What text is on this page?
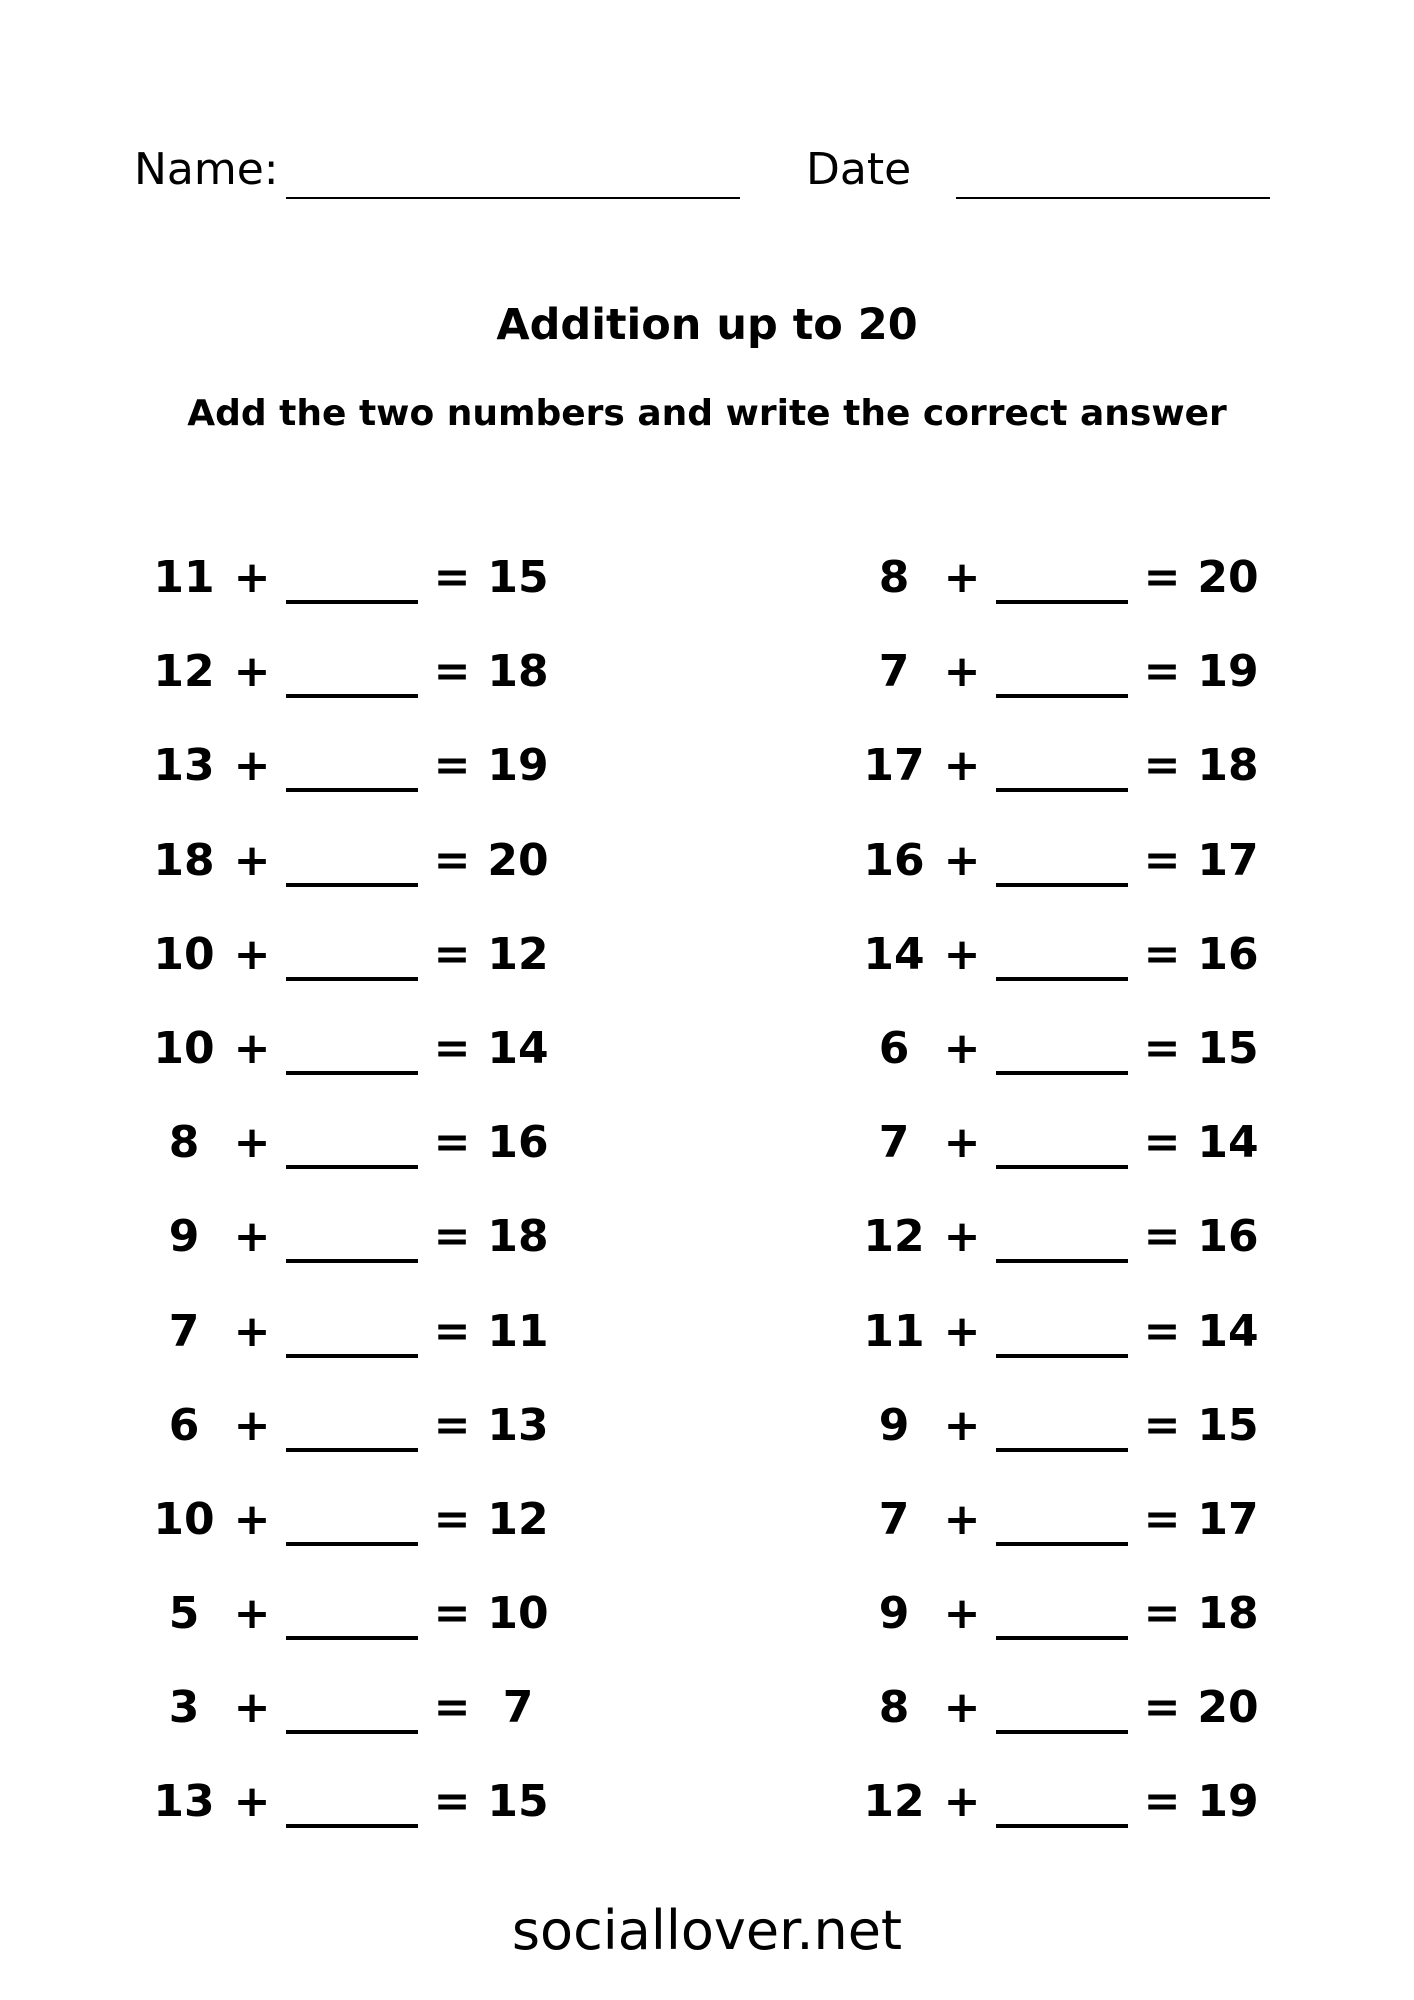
Name:	Date
Addition up to 20
Add the two numbers and write the correct answer
11 +	= 15
12 +	= 18
13 +	= 19
18 +	= 20
10 +	= 12
10 +	= 14
8 +	= 16
9 +	= 18
7 +	= 11
6 +	= 13
10 +	= 12
5 +	= 10
3 +	= 7
13 +	= 15
8 +	= 20
7 +	= 19
17 +	= 18
16 +	= 17
14 +	= 16
6 +	= 15
7 +	= 14
12 +	= 16
11 +	= 14
9 +	= 15
7 +	= 17
9 +	= 18
8 +	= 20
12 +	= 19
sociallover.net
